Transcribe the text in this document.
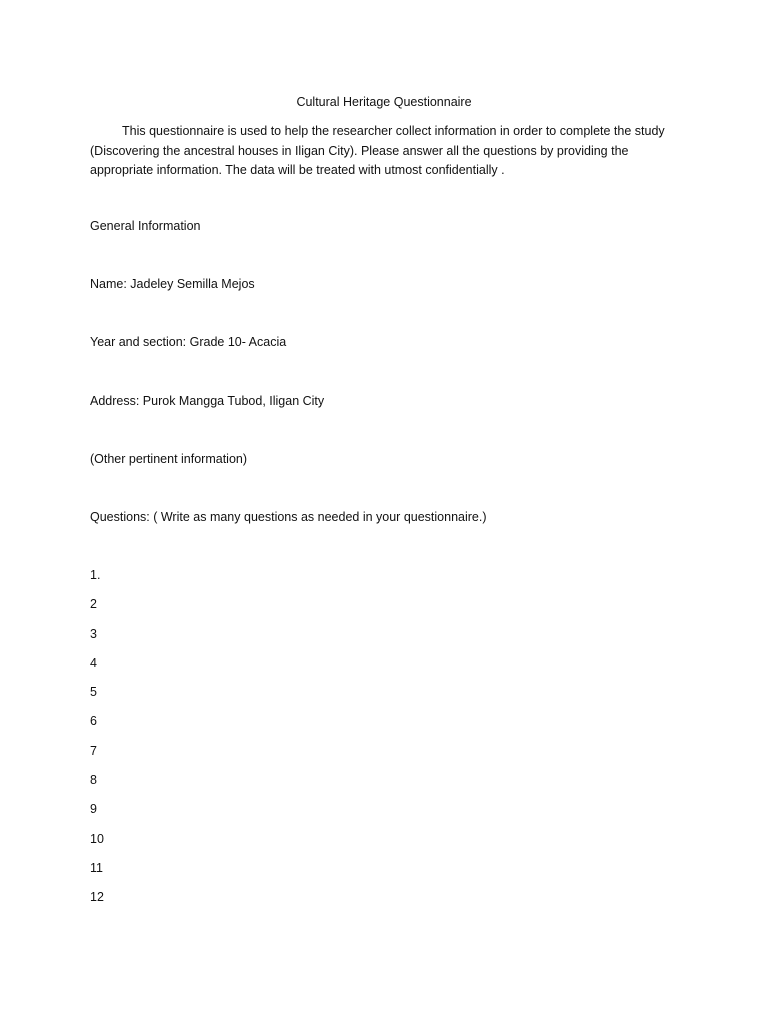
Cultural Heritage Questionnaire

This questionnaire is used to help the researcher collect information in order to complete the study (Discovering the ancestral houses in Iligan City). Please answer all the questions by providing the appropriate information. The data will be treated with utmost confidentially .

General Information

Name: Jadeley Semilla Mejos

Year and section: Grade 10- Acacia

Address: Purok Mangga Tubod, Iligan City

(Other pertinent information)

Questions: ( Write as many questions as needed in your questionnaire.)

1.
2
3
4
5
6
7
8
9
10
11
12
